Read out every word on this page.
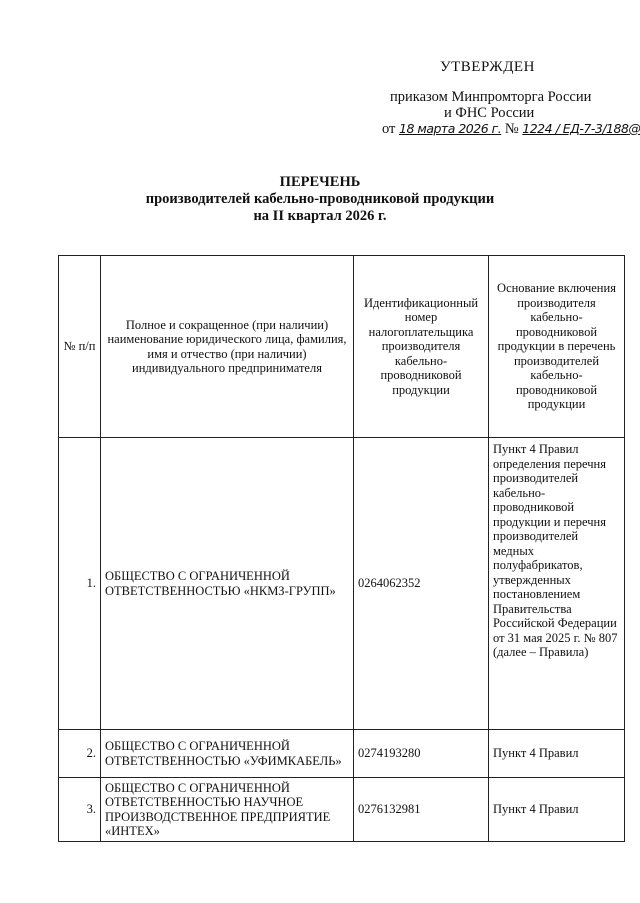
УТВЕРЖДЕН
приказом Минпромторга России
и ФНС России
от 18 марта 2026 г. № 1224 / ЕД-7-3/188@
ПЕРЕЧЕНЬ
производителей кабельно-проводниковой продукции
на II квартал 2026 г.
№ п/п	Полное и сокращенное (при наличии) наименование юридического лица, фамилия, имя и отчество (при наличии) индивидуального предпринимателя	Идентификационный номер налогоплательщика производителя кабельно-проводниковой продукции	Основание включения производителя кабельно-проводниковой продукции в перечень производителей кабельно-проводниковой продукции
1.	ОБЩЕСТВО С ОГРАНИЧЕННОЙ ОТВЕТСТВЕННОСТЬЮ «НКМЗ-ГРУПП»	0264062352	Пункт 4 Правил определения перечня производителей кабельно-проводниковой продукции и перечня производителей медных полуфабрикатов, утвержденных постановлением Правительства Российской Федерации от 31 мая 2025 г. № 807 (далее – Правила)
2.	ОБЩЕСТВО С ОГРАНИЧЕННОЙ ОТВЕТСТВЕННОСТЬЮ «УФИМКАБЕЛЬ»	0274193280	Пункт 4 Правил
3.	ОБЩЕСТВО С ОГРАНИЧЕННОЙ ОТВЕТСТВЕННОСТЬЮ НАУЧНОЕ ПРОИЗВОДСТВЕННОЕ ПРЕДПРИЯТИЕ «ИНТЕХ»	0276132981	Пункт 4 Правил
